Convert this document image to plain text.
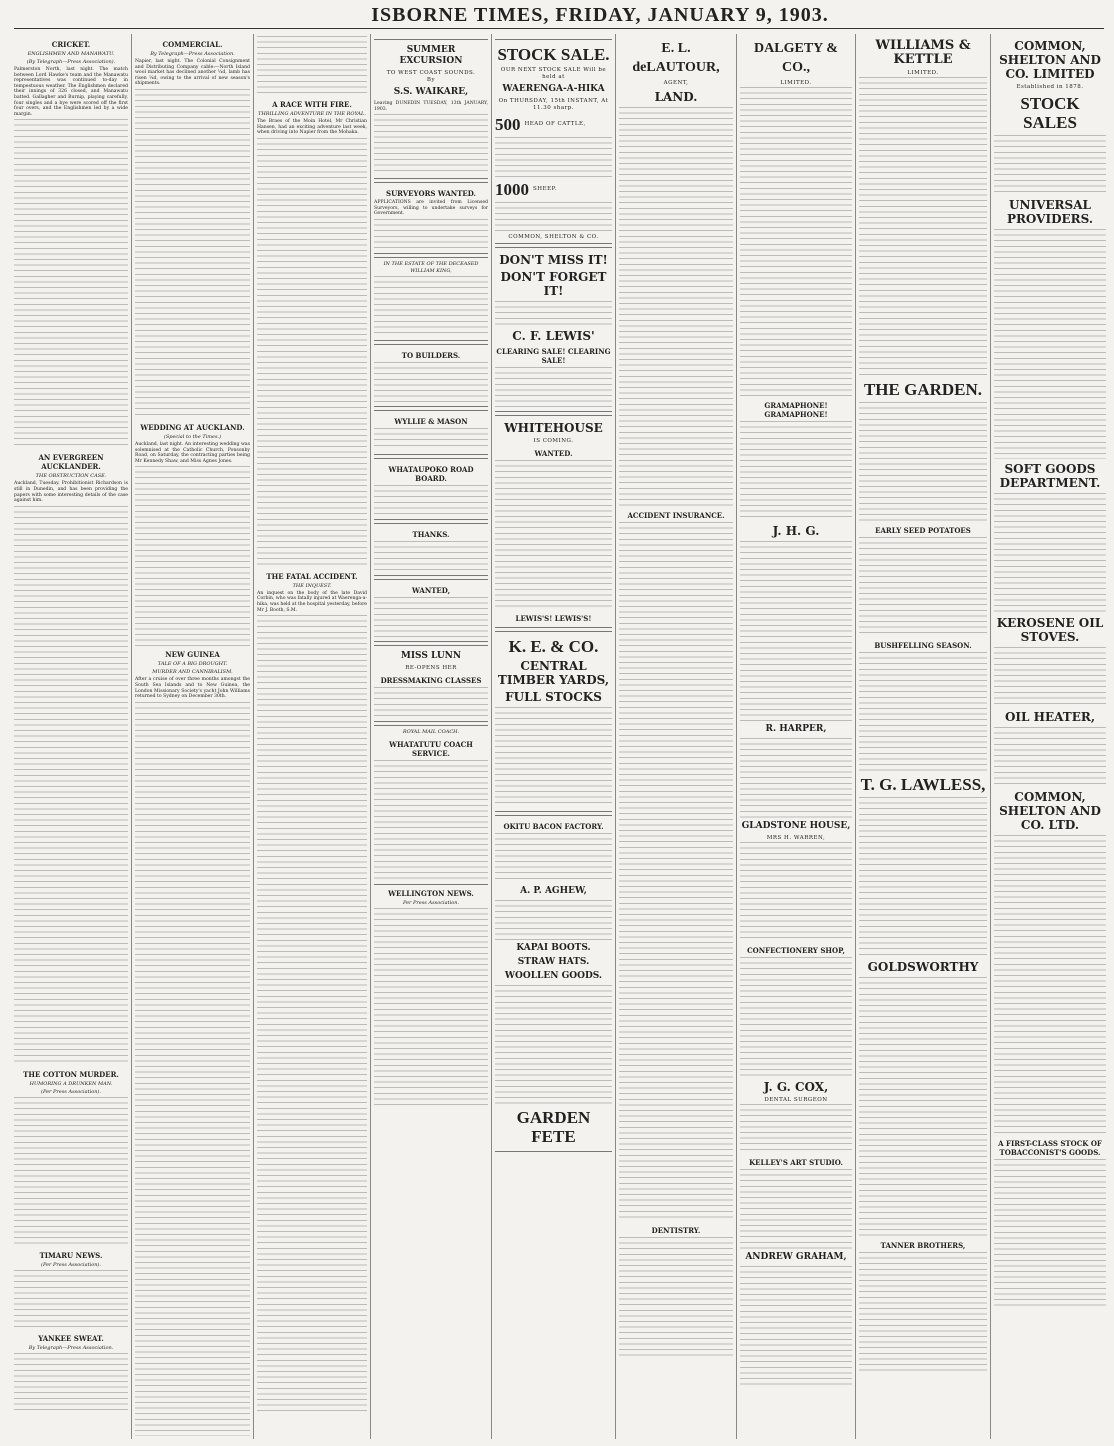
ISBORNE TIMES, FRIDAY, JANUARY 9, 1903.
CRICKET.
ENGLISHMEN AND MANAWATU.
(By Telegraph—Press Association).

Palmerston North, last night. The match between Lord Hawke's team and the Manawatu representatives was continued to-day in tempestuous weather. The Englishmen declared their innings of 326 closed, and Manawatu batted. Gallagher and Burnip, playing carefully, four singles and a bye were scored off the first four overs, and the Englishmen led by a wide margin.

AN EVERGREEN AUCKLANDER.
THE OBSTRUCTION CASE.

Auckland, Tuesday. Prohibitionist Richardson is still in Dunedin, and has been providing the papers with some interesting details of the case against him.

THE COTTON MURDER.
HUMORING A DRUNKEN MAN.
(Per Press Association).

TIMARU NEWS.
(Per Press Association).

YANKEE SWEAT.
By Telegraph—Press Association.

COMMERCIAL.
By Telegraph—Press Association.

Napier, last night. The Colonial Consignment and Distributing Company cable:—North Island wool market has declined another ¼d, lamb has risen ¼d, owing to the arrival of new season's shipments.

WEDDING AT AUCKLAND.
(Special to the Times.)

Auckland, last night. An interesting wedding was solemnised at the Catholic Church, Ponsonby Road, on Saturday, the contracting parties being Mr Kennedy Shaw, and Miss Agnes Jones.

NEW GUINEA
TALE OF A BIG DROUGHT.
MURDER AND CANNIBALISM.

After a cruise of over three months amongst the South Sea Islands and to New Guinea, the London Missionary Society's yacht John Williams returned to Sydney on December 30th.

A RACE WITH FIRE.
THRILLING ADVENTURE IN THE ROYAL.

The Braes of the Moin Hotel, Mr Christian Hansen, had an exciting adventure last week, when driving into Napier from the Mohaka.

THE FATAL ACCIDENT.
THE INQUEST.

An inquest on the body of the late David Corbin, who was fatally injured at Waerenga-a-hika, was held at the hospital yesterday, before Mr J. Booth, S.M.

SUMMER EXCURSION
TO WEST COAST SOUNDS.
By
S.S. WAIKARE,

Leaving DUNEDIN TUESDAY, 13th JANUARY, 1903.

SURVEYORS WANTED.

APPLICATIONS are invited from Licensed Surveyors, willing to undertake surveys for Government.

IN THE ESTATE OF THE DECEASED WILLIAM KING,

TO BUILDERS.

WYLLIE & MASON

WHATAUPOKO ROAD BOARD.

THANKS.

WANTED,

MISS LUNN
RE-OPENS HER
DRESSMAKING CLASSES

ROYAL MAIL COACH.
WHATATUTU COACH SERVICE.

WELLINGTON NEWS.
Per Press Association.

STOCK SALE.
OUR NEXT STOCK SALE Will be held at
WAERENGA-A-HIKA
On THURSDAY, 15th INSTANT, At 11.30 sharp.
500 HEAD OF CATTLE,

1000 SHEEP.

COMMON, SHELTON & CO.
DON'T MISS IT!
DON'T FORGET IT!

C. F. LEWIS'
CLEARING SALE! CLEARING SALE!

WHITEHOUSE
IS COMING.
WANTED.

LEWIS'S! LEWIS'S!
K. E. & CO.
CENTRAL TIMBER YARDS,
FULL STOCKS

OKITU BACON FACTORY.

A. P. AGHEW,

KAPAI BOOTS.
STRAW HATS.
WOOLLEN GOODS.

GARDEN FETE
E. L. deLAUTOUR,
AGENT,
LAND.

ACCIDENT INSURANCE.

DENTISTRY.

DALGETY & CO.,
LIMITED.

GRAMAPHONE! GRAMAPHONE!

J. H. G.

R. HARPER,

GLADSTONE HOUSE,
MRS H. WARREN,

CONFECTIONERY SHOP,

J. G. COX,
DENTAL SURGEON

KELLEY'S ART STUDIO.

ANDREW GRAHAM,

WILLIAMS & KETTLE
LIMITED.

THE GARDEN.

EARLY SEED POTATOES

BUSHFELLING SEASON.

T. G. LAWLESS,

GOLDSWORTHY

TANNER BROTHERS,

COMMON, SHELTON AND CO. LIMITED
Established in 1878.
STOCK SALES

UNIVERSAL PROVIDERS.

SOFT GOODS DEPARTMENT.

KEROSENE OIL STOVES.

OIL HEATER,

COMMON, SHELTON AND CO. LTD.

A FIRST-CLASS STOCK OF TOBACCONIST'S GOODS.
